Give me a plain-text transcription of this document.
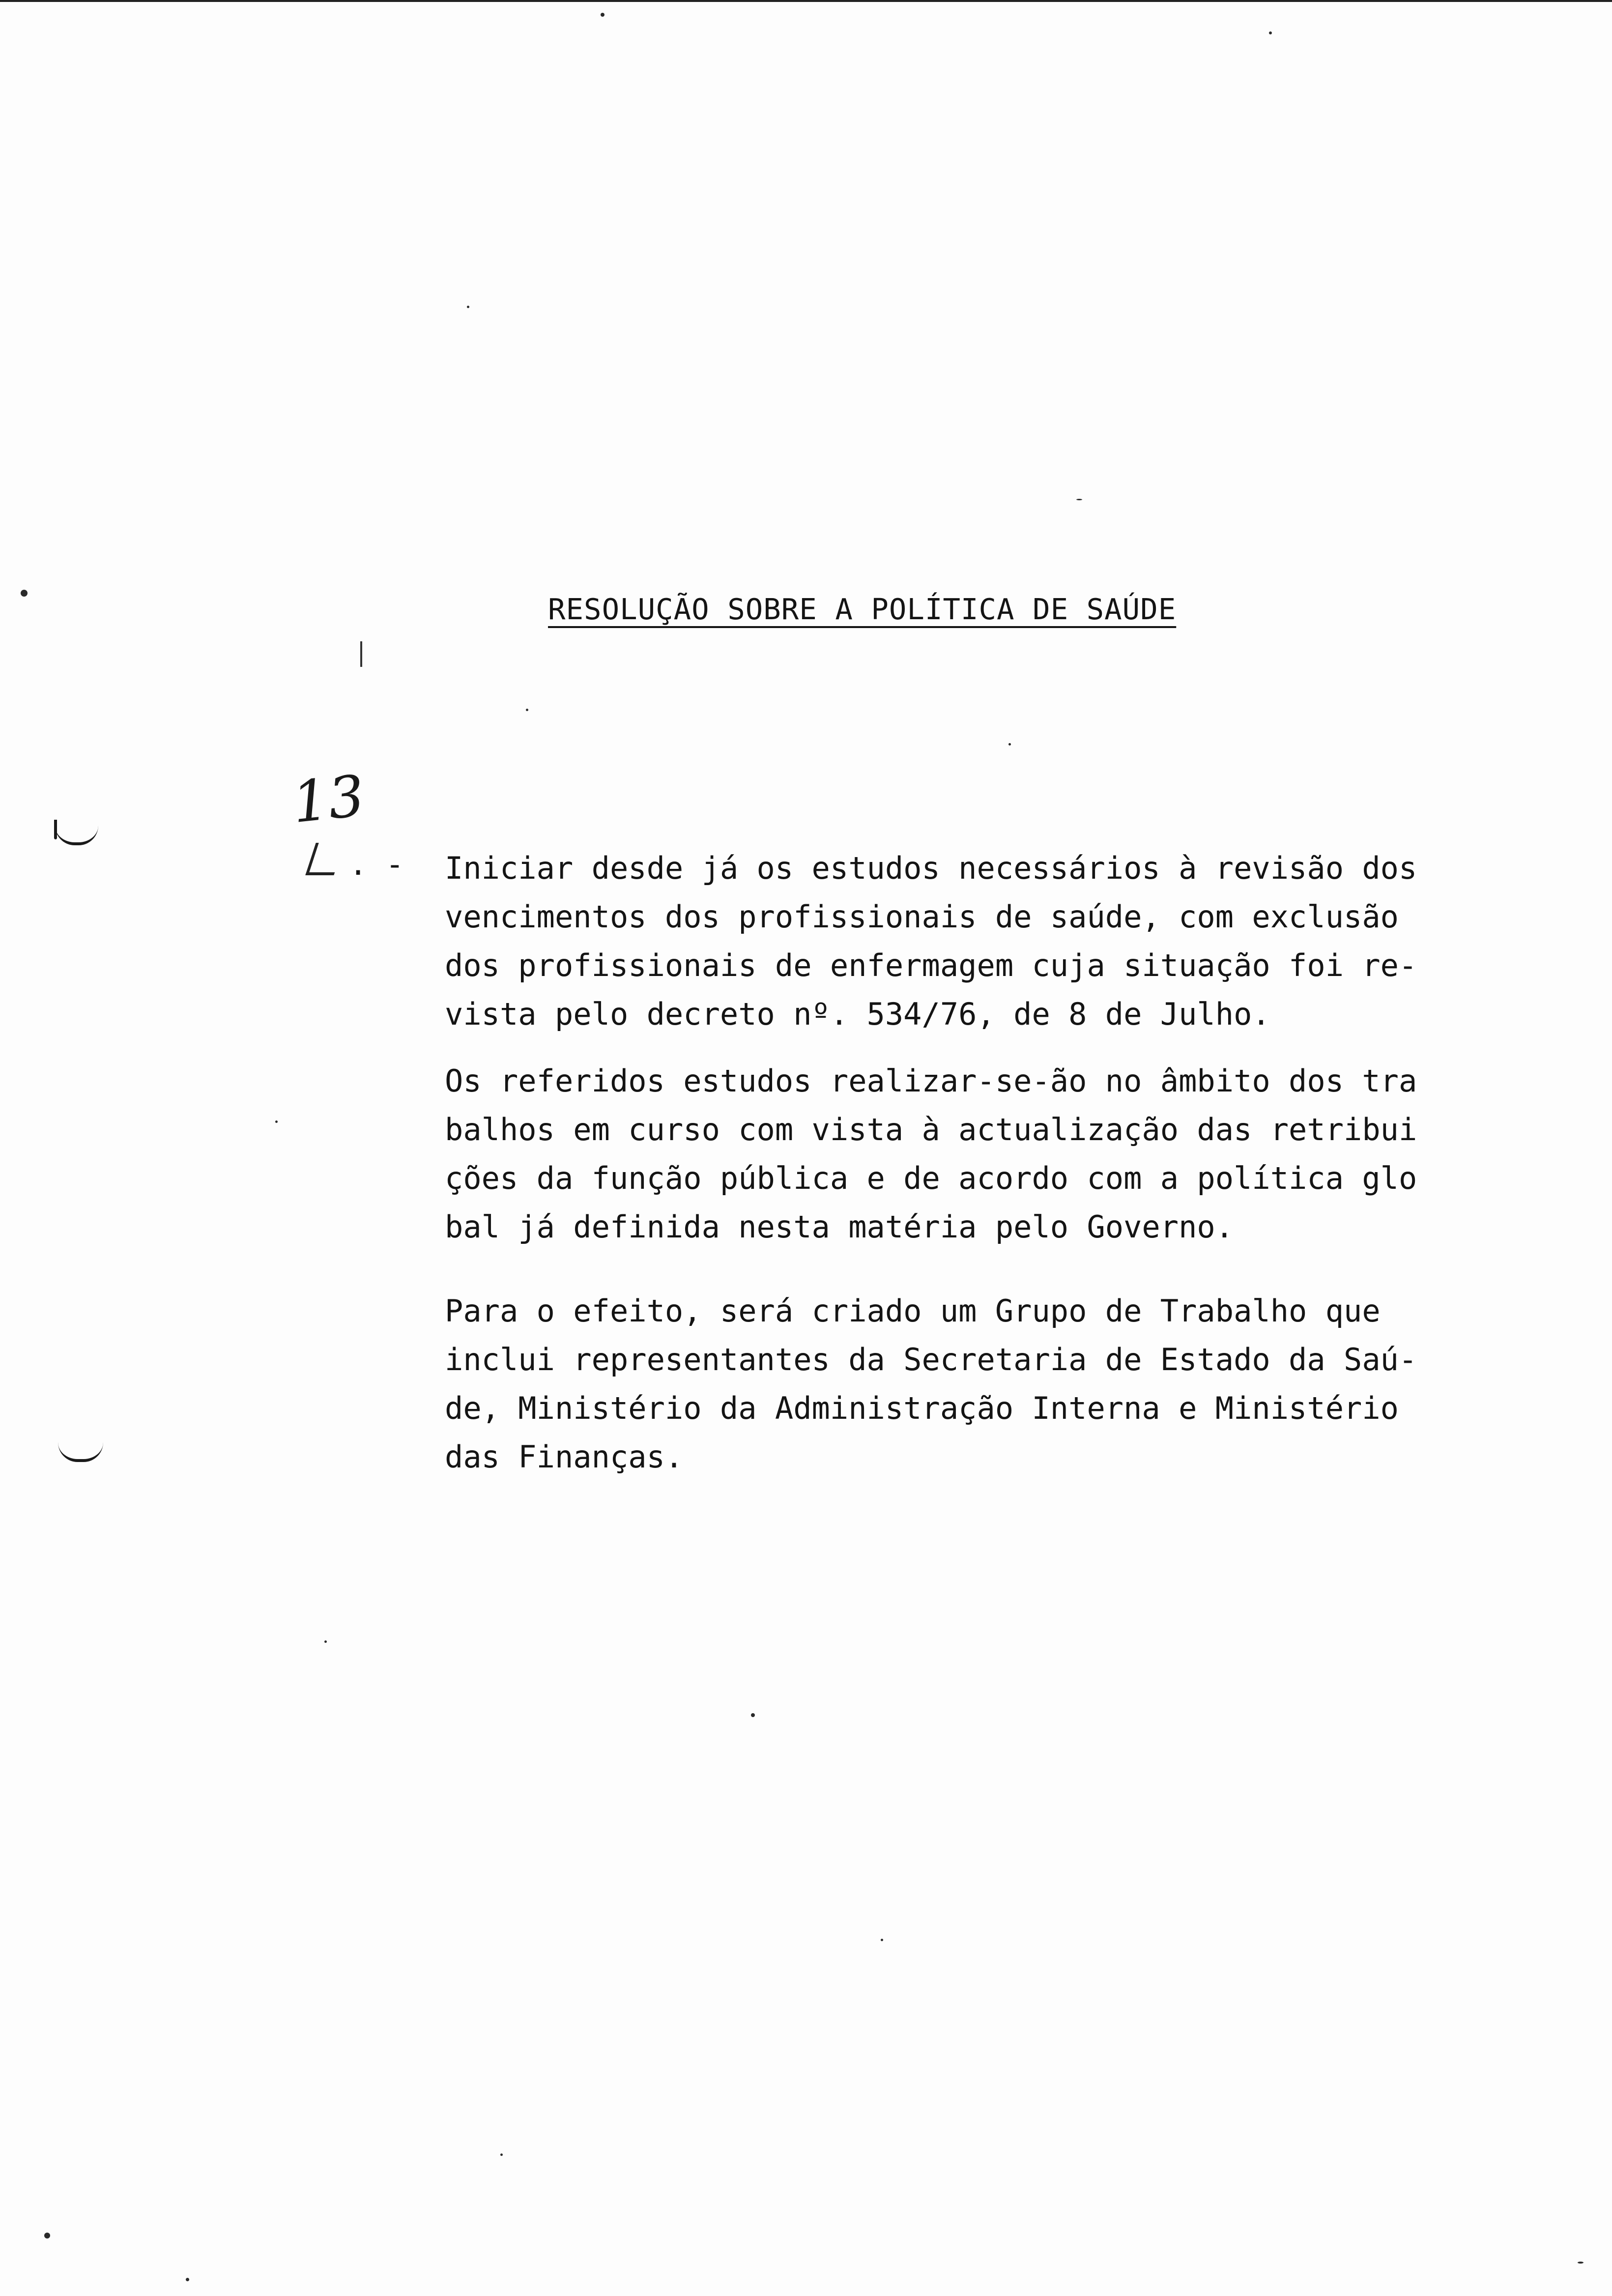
RESOLUÇÃO SOBRE A POLÍTICA DE SAÚDE
13
. - Iniciar desde já os estudos necessários à revisão dos
vencimentos dos profissionais de saúde, com exclusão
dos profissionais de enfermagem cuja situação foi re-
vista pelo decreto nº. 534/76, de 8 de Julho.
Os referidos estudos realizar-se-ão no âmbito dos tra
balhos em curso com vista à actualização das retribui
ções da função pública e de acordo com a política glo
bal já definida nesta matéria pelo Governo.
Para o efeito, será criado um Grupo de Trabalho que
inclui representantes da Secretaria de Estado da Saú-
de, Ministério da Administração Interna e Ministério
das Finanças.
